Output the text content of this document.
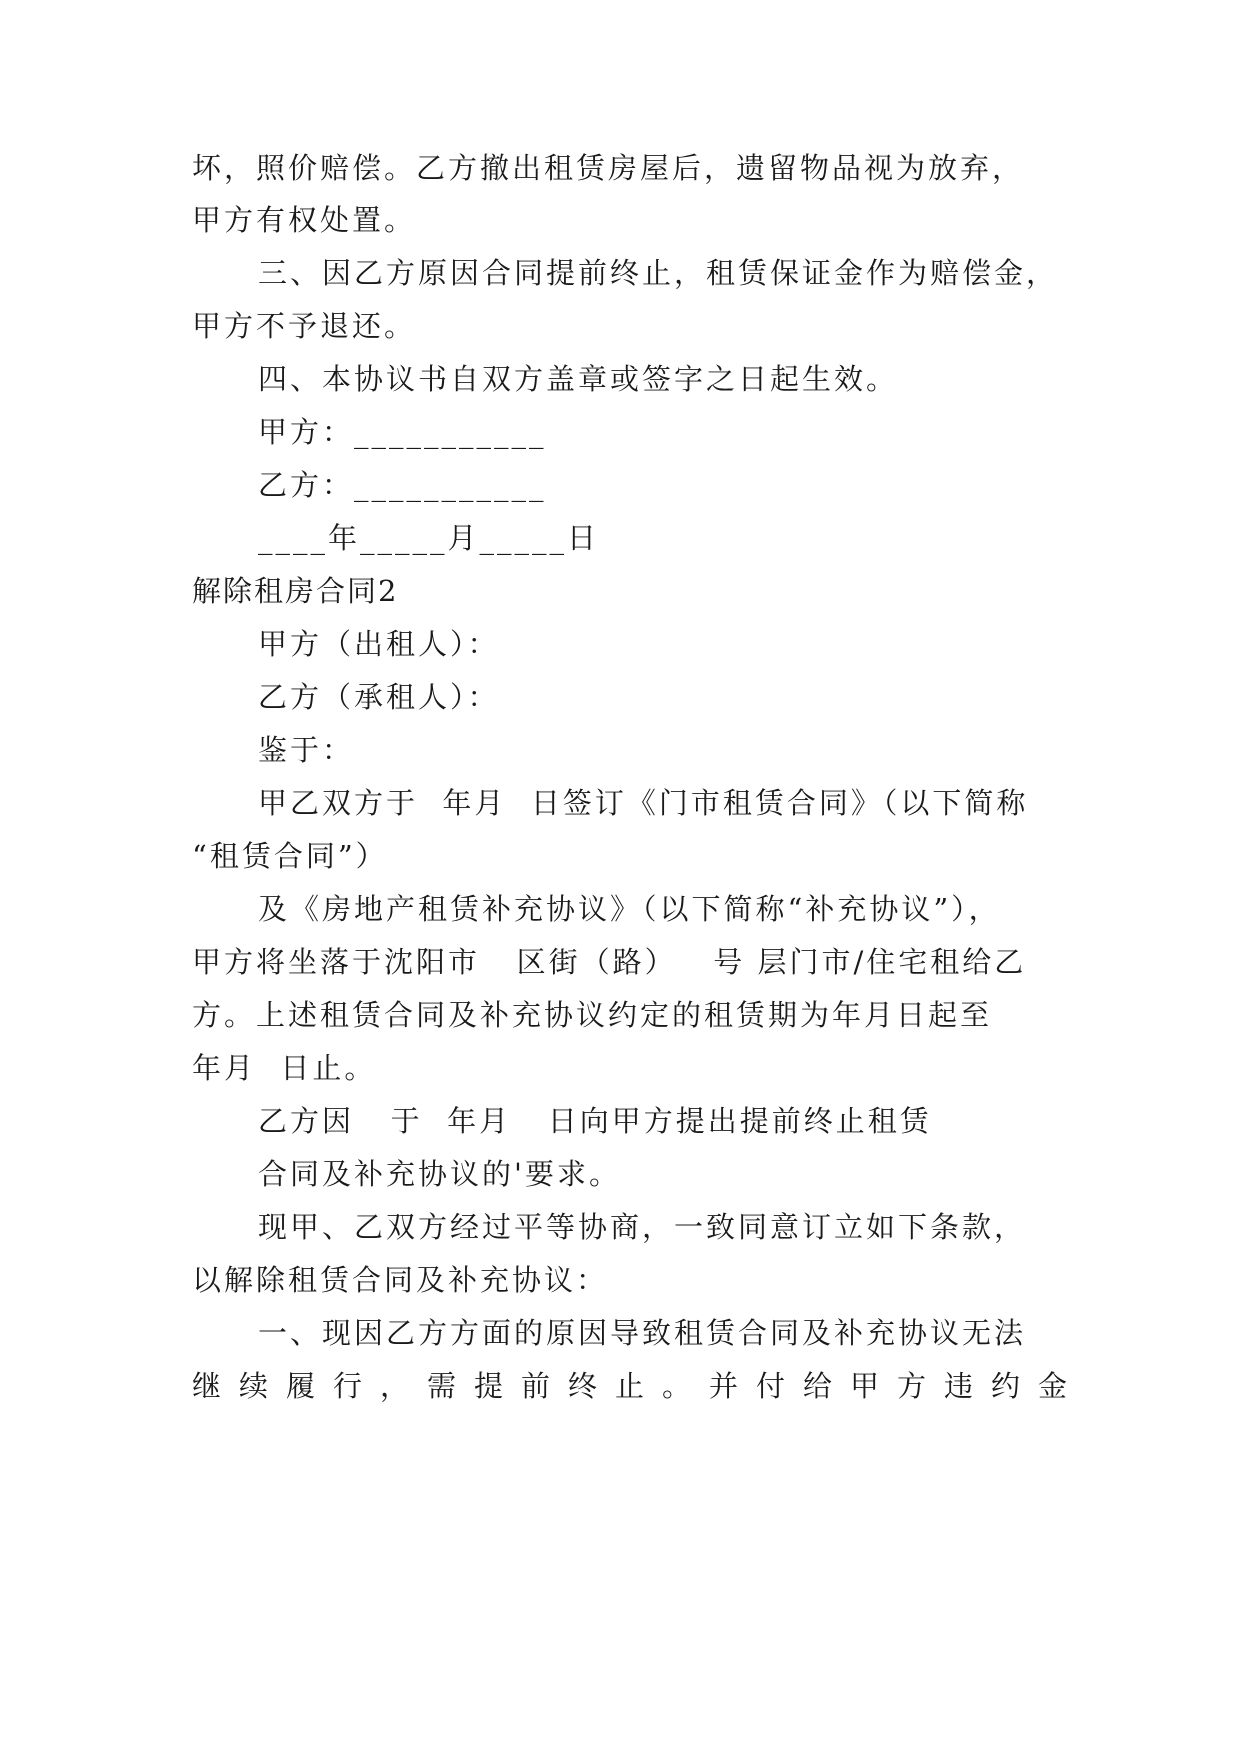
坏，照价赔偿。乙方撤出租赁房屋后，遗留物品视为放弃，
甲方有权处置。
三、因乙方原因合同提前终止，租赁保证金作为赔偿金，
甲方不予退还。
四、本协议书自双方盖章或签字之日起生效。
甲方：___________
乙方：___________
____年_____月_____日
解除租房合同2
甲方（出租人）：
乙方（承租人）：
鉴于：
甲乙双方于  年月  日签订《门市租赁合同》（以下简称
“租赁合同”）
及《房地产租赁补充协议》（以下简称“补充协议”），
甲方将坐落于沈阳市   区街（路）   号 层门市/住宅租给乙
方。上述租赁合同及补充协议约定的租赁期为年月日起至
年月  日止。
乙方因   于  年月   日向甲方提出提前终止租赁
合同及补充协议的'要求。
现甲、乙双方经过平等协商，一致同意订立如下条款，
以解除租赁合同及补充协议：
一、现因乙方方面的原因导致租赁合同及补充协议无法
继续履行，需提前终止。并付给甲方违约金
